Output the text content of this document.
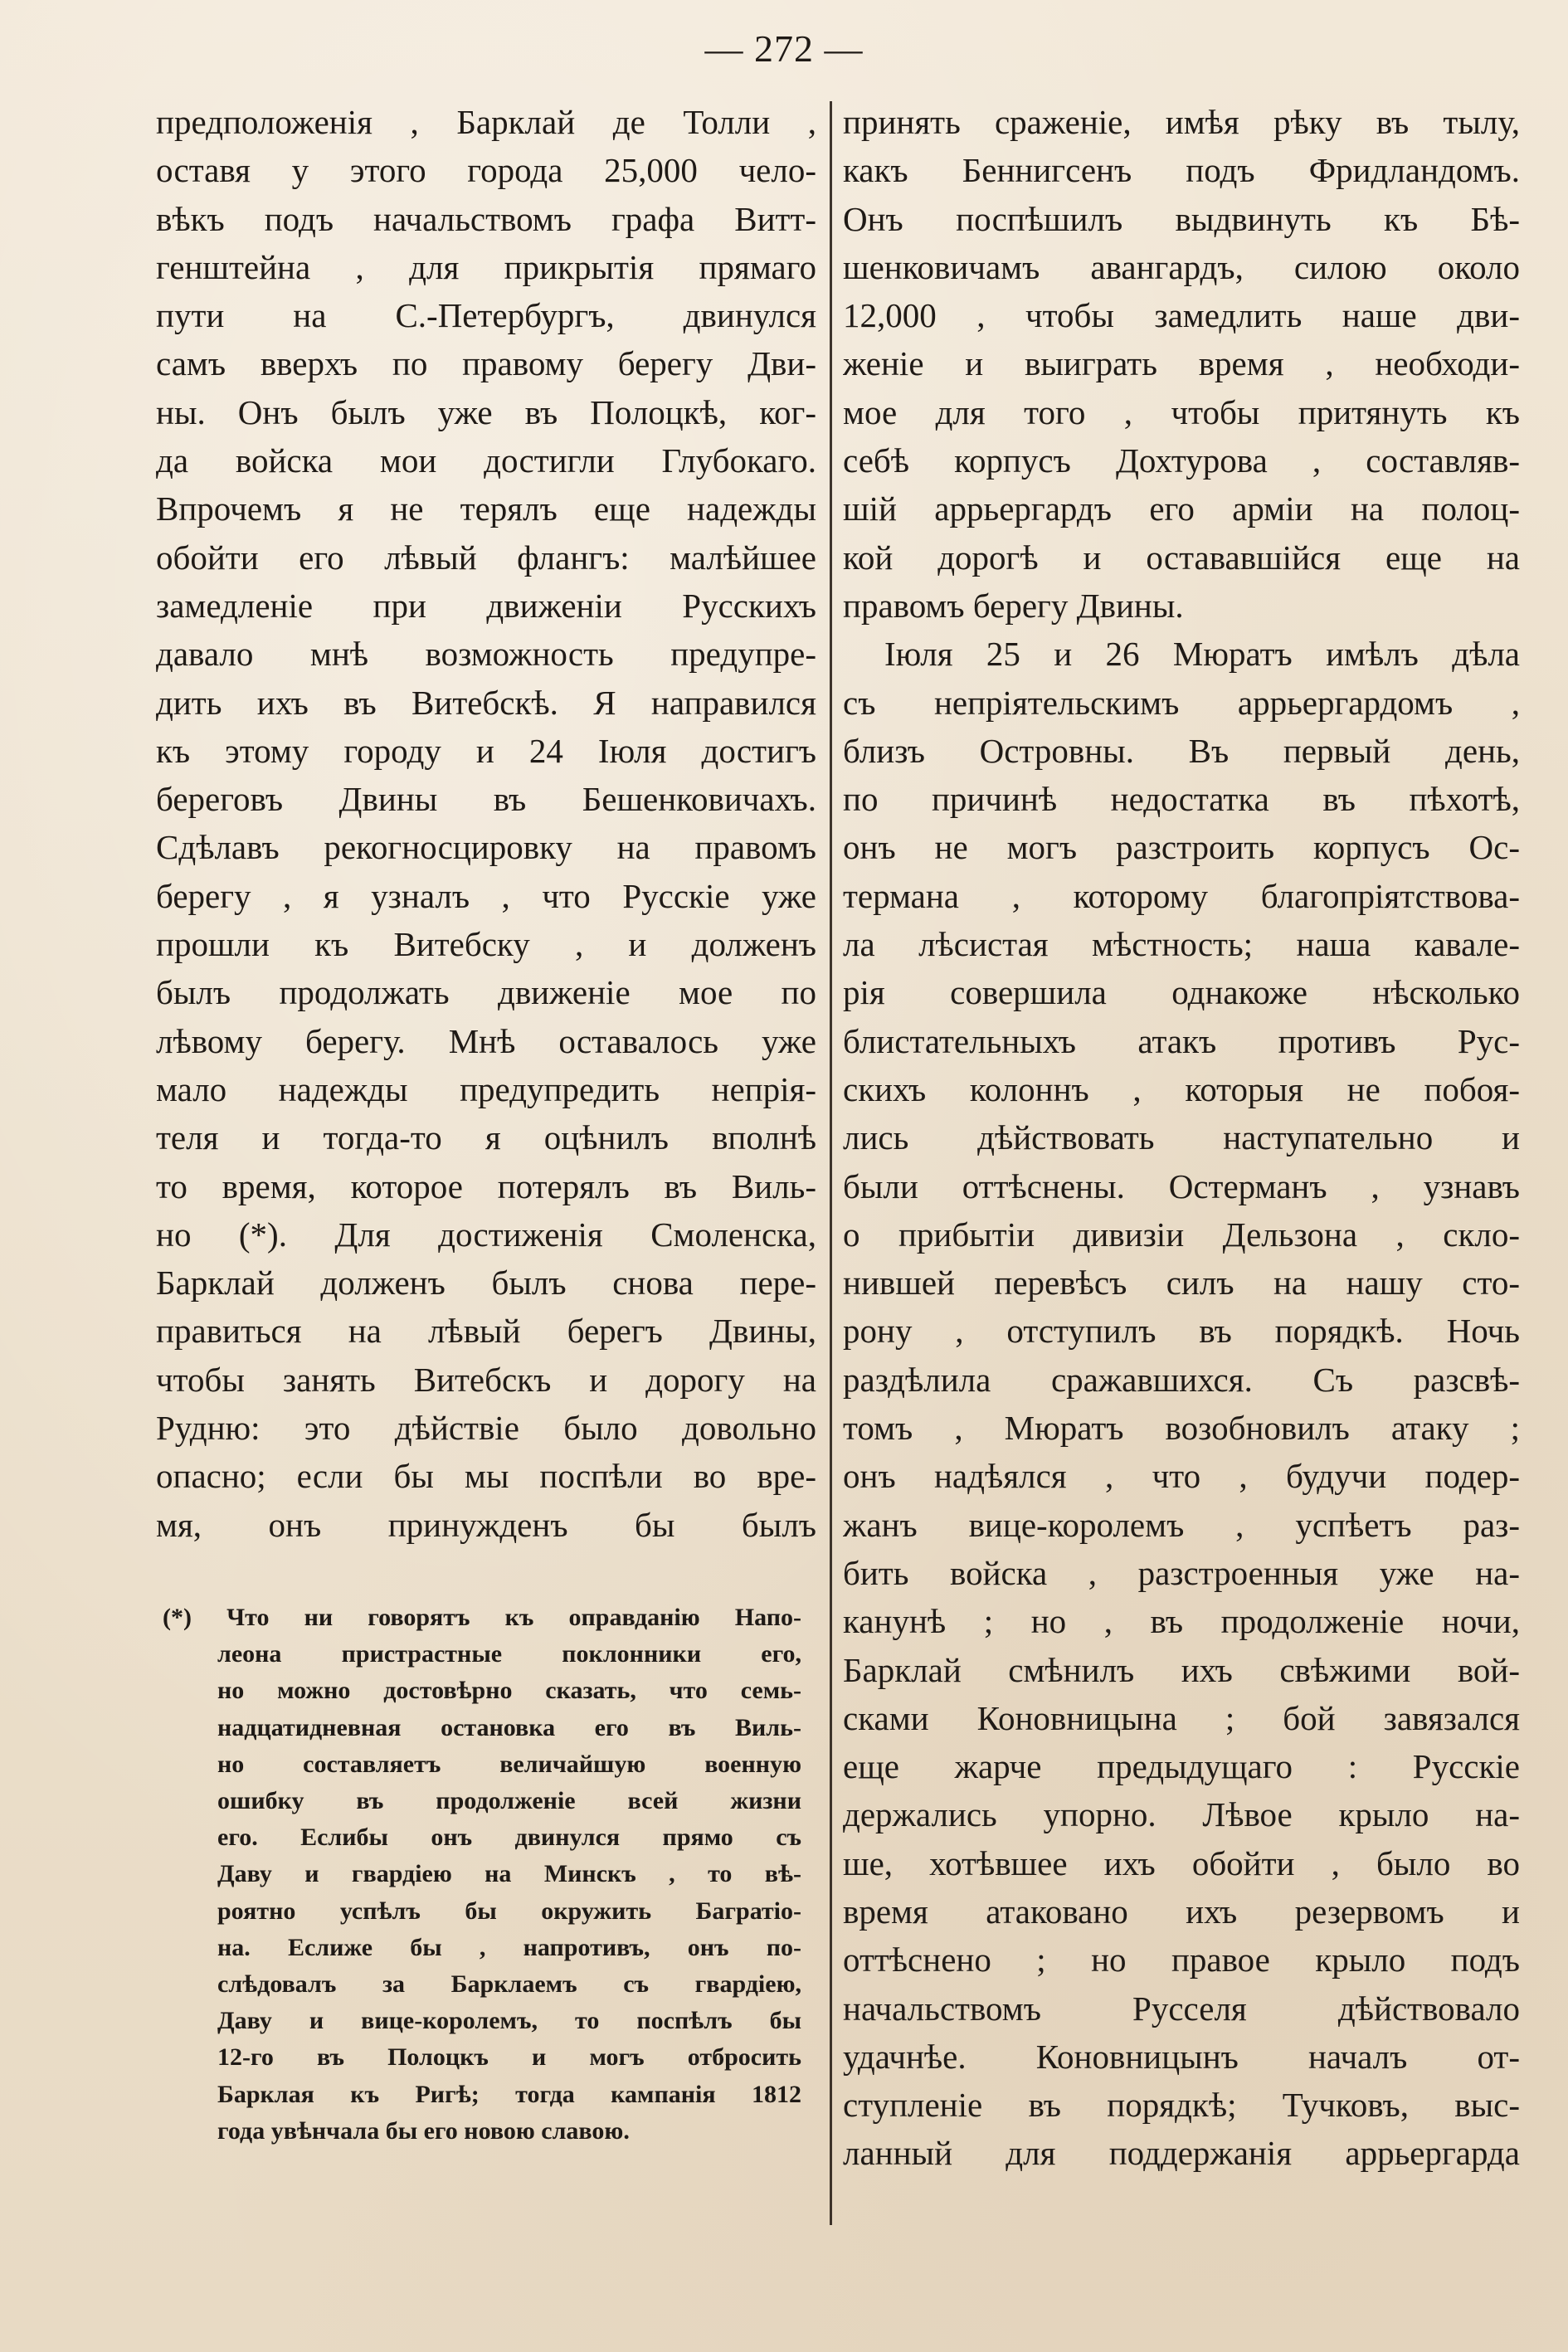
— 272 —
предположенія , Барклай де Толли ,
оставя у этого города 25,000 чело-
вѣкъ подъ начальствомъ графа Витт-
генштейна , для прикрытія прямаго
пути на С.-Петербургъ, двинулся
самъ вверхъ по правому берегу Дви-
ны. Онъ былъ уже въ Полоцкѣ, ког-
да войска мои достигли Глубокаго.
Впрочемъ я не терялъ еще надежды
обойти его лѣвый флангъ: малѣйшее
замедленіе при движеніи Русскихъ
давало мнѣ возможность предупре-
дить ихъ въ Витебскѣ. Я направился
къ этому городу и 24 Іюля достигъ
береговъ Двины въ Бешенковичахъ.
Сдѣлавъ рекогносцировку на правомъ
берегу , я узналъ , что Русскіе уже
прошли къ Витебску , и долженъ
былъ продолжать движеніе мое по
лѣвому берегу. Мнѣ оставалось уже
мало надежды предупредить непрія-
теля и тогда-то я оцѣнилъ вполнѣ
то время, которое потерялъ въ Виль-
но (*). Для достиженія Смоленска,
Барклай долженъ былъ снова пере-
правиться на лѣвый берегъ Двины,
чтобы занять Витебскъ и дорогу на
Рудню: это дѣйствіе было довольно
опасно; если бы мы поспѣли во вре-
мя, онъ принужденъ бы былъ
принять сраженіе, имѣя рѣку въ тылу,
какъ Беннигсенъ подъ Фридландомъ.
Онъ поспѣшилъ выдвинуть къ Бѣ-
шенковичамъ авангардъ, силою около
12,000 , чтобы замедлить наше дви-
женіе и выиграть время , необходи-
мое для того , чтобы притянуть къ
себѣ корпусъ Дохтурова , составляв-
шій аррьергардъ его арміи на полоц-
кой дорогѣ и остававшійся еще на
правомъ берегу Двины.
Іюля 25 и 26 Мюратъ имѣлъ дѣла
съ непріятельскимъ аррьергардомъ ,
близъ Островны. Въ первый день,
по причинѣ недостатка въ пѣхотѣ,
онъ не могъ разстроить корпусъ Ос-
термана , которому благопріятствова-
ла лѣсистая мѣстность; наша кавале-
рія совершила однакоже нѣсколько
блистательныхъ атакъ противъ Рус-
скихъ колоннъ , которыя не побоя-
лись дѣйствовать наступательно и
были оттѣснены. Остерманъ , узнавъ
о прибытіи дивизіи Дельзона , скло-
нившей перевѣсъ силъ на нашу сто-
рону , отступилъ въ порядкѣ. Ночь
раздѣлила сражавшихся. Съ разсвѣ-
томъ , Мюратъ возобновилъ атаку ;
онъ надѣялся , что , будучи подер-
жанъ вице-королемъ , успѣетъ раз-
бить войска , разстроенныя уже на-
канунѣ ; но , въ продолженіе ночи,
Барклай смѣнилъ ихъ свѣжими вой-
сками Коновницына ; бой завязался
еще жарче предыдущаго : Русскіе
держались упорно. Лѣвое крыло на-
ше, хотѣвшее ихъ обойти , было во
время атаковано ихъ резервомъ и
оттѣснено ; но правое крыло подъ
начальствомъ Русселя дѣйствовало
удачнѣе. Коновницынъ началъ от-
ступленіе въ порядкѣ; Тучковъ, выс-
ланный для поддержанія аррьергарда
(*) Что ни говорятъ къ оправданію Напо-
леона пристрастные поклонники его,
но можно достовѣрно сказать, что семь-
надцатидневная остановка его въ Виль-
но составляетъ величайшую военную
ошибку въ продолженіе всей жизни
его. Еслибы онъ двинулся прямо съ
Даву и гвардіею на Минскъ , то вѣ-
роятно успѣлъ бы окружить Багратіо-
на. Еслиже бы , напротивъ, онъ по-
слѣдовалъ за Барклаемъ съ гвардіею,
Даву и вице-королемъ, то поспѣлъ бы
12-го въ Полоцкъ и могъ отбросить
Барклая къ Ригѣ; тогда кампанія 1812
года увѣнчала бы его новою славою.
